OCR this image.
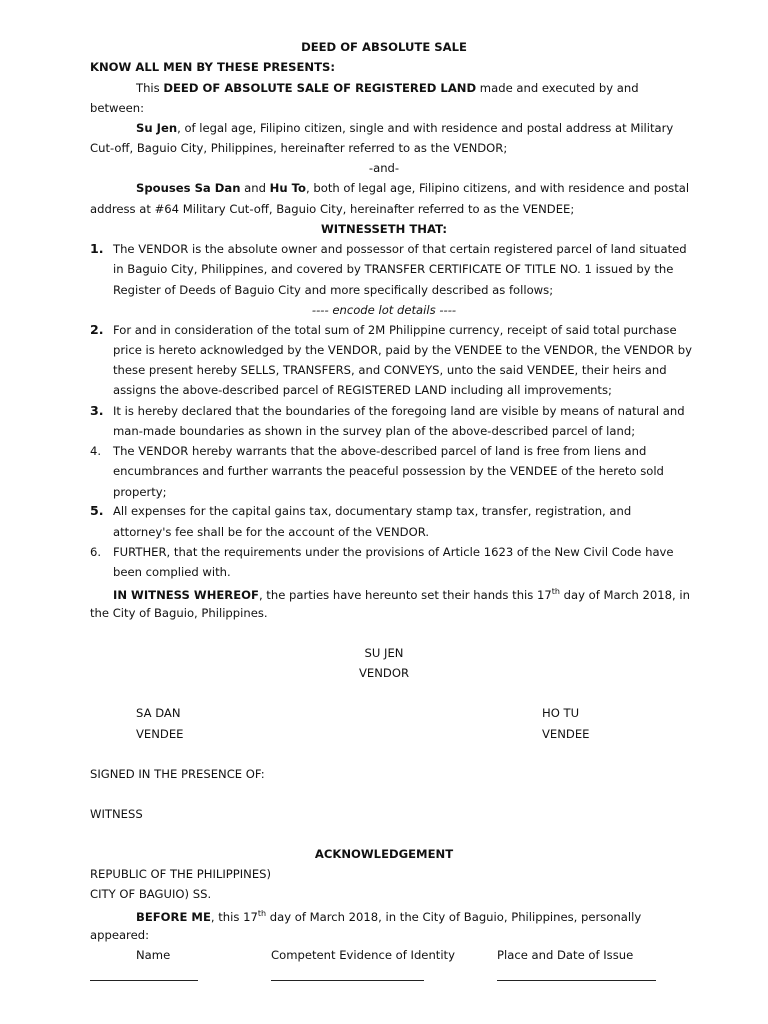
DEED OF ABSOLUTE SALE
KNOW ALL MEN BY THESE PRESENTS:
This DEED OF ABSOLUTE SALE OF REGISTERED LAND made and executed by and
between:
Su Jen, of legal age, Filipino citizen, single and with residence and postal address at Military
Cut-off, Baguio City, Philippines, hereinafter referred to as the VENDOR;
-and-
Spouses Sa Dan and Hu To, both of legal age, Filipino citizens, and with residence and postal
address at #64 Military Cut-off, Baguio City, hereinafter referred to as the VENDEE;
WITNESSETH THAT:
1. The VENDOR is the absolute owner and possessor of that certain registered parcel of land situated
in Baguio City, Philippines, and covered by TRANSFER CERTIFICATE OF TITLE NO. 1 issued by the
Register of Deeds of Baguio City and more specifically described as follows;
---- encode lot details ----
2. For and in consideration of the total sum of 2M Philippine currency, receipt of said total purchase
price is hereto acknowledged by the VENDOR, paid by the VENDEE to the VENDOR, the VENDOR by
these present hereby SELLS, TRANSFERS, and CONVEYS, unto the said VENDEE, their heirs and
assigns the above-described parcel of REGISTERED LAND including all improvements;
3. It is hereby declared that the boundaries of the foregoing land are visible by means of natural and
man-made boundaries as shown in the survey plan of the above-described parcel of land;
4. The VENDOR hereby warrants that the above-described parcel of land is free from liens and
encumbrances and further warrants the peaceful possession by the VENDEE of the hereto sold
property;
5. All expenses for the capital gains tax, documentary stamp tax, transfer, registration, and
attorney's fee shall be for the account of the VENDOR.
6. FURTHER, that the requirements under the provisions of Article 1623 of the New Civil Code have
been complied with.
IN WITNESS WHEREOF, the parties have hereunto set their hands this 17th day of March 2018, in
the City of Baguio, Philippines.
SU JEN
VENDOR
SA DAN
VENDEE
HO TU
VENDEE
SIGNED IN THE PRESENCE OF:
WITNESS
ACKNOWLEDGEMENT
REPUBLIC OF THE PHILIPPINES)
CITY OF BAGUIO) SS.
BEFORE ME, this 17th day of March 2018, in the City of Baguio, Philippines, personally
appeared:
Name	Competent Evidence of Identity	Place and Date of Issue
